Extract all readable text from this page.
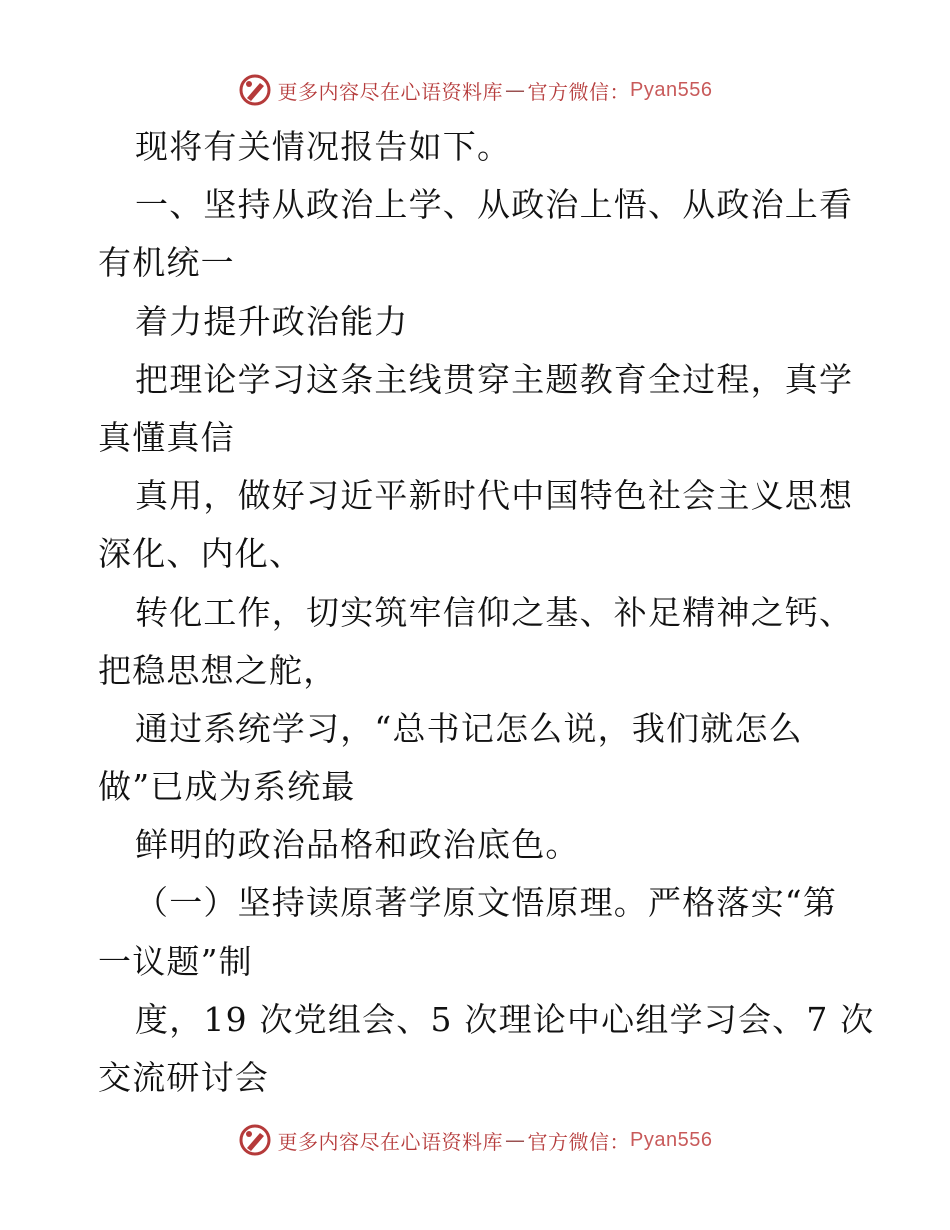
更多内容尽在心语资料库 — 官方微信： Pyan556
现将有关情况报告如下。
一、坚持从政治上学、从政治上悟、从政治上看
有机统一
着力提升政治能力
把理论学习这条主线贯穿主题教育全过程，真学
真懂真信
真用，做好习近平新时代中国特色社会主义思想
深化、内化、
转化工作，切实筑牢信仰之基、补足精神之钙、
把稳思想之舵，
通过系统学习，“总书记怎么说，我们就怎么
做”已成为系统最
鲜明的政治品格和政治底色。
（一）坚持读原著学原文悟原理。严格落实“第
一议题”制
度，19 次党组会、5 次理论中心组学习会、7 次
交流研讨会
更多内容尽在心语资料库 — 官方微信： Pyan556
